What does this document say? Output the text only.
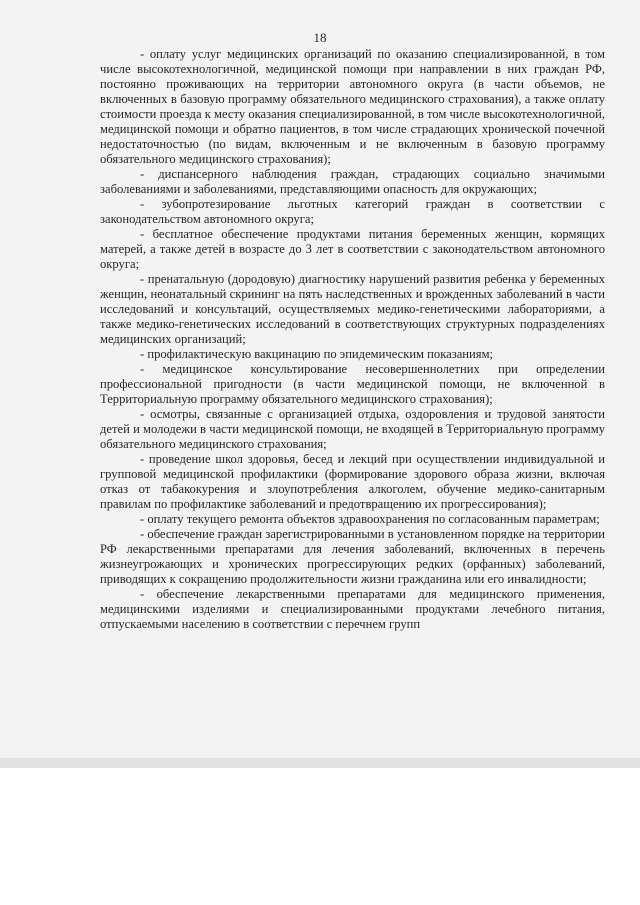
18

- оплату услуг медицинских организаций по оказанию специализированной, в том числе высокотехнологичной, медицинской помощи при направлении в них граждан РФ, постоянно проживающих на территории автономного округа (в части объемов, не включенных в базовую программу обязательного медицинского страхования), а также оплату стоимости проезда к месту оказания специализированной, в том числе высокотехнологичной, медицинской помощи и обратно пациентов, в том числе страдающих хронической почечной недостаточностью (по видам, включенным и не включенным в базовую программу обязательного медицинского страхования);

- диспансерного наблюдения граждан, страдающих социально значимыми заболеваниями и заболеваниями, представляющими опасность для окружающих;

- зубопротезирование льготных категорий граждан в соответствии с законодательством автономного округа;

- бесплатное обеспечение продуктами питания беременных женщин, кормящих матерей, а также детей в возрасте до 3 лет в соответствии с законодательством автономного округа;

- пренатальную (дородовую) диагностику нарушений развития ребенка у беременных женщин, неонатальный скрининг на пять наследственных и врожденных заболеваний в части исследований и консультаций, осуществляемых медико-генетическими лабораториями, а также медико-генетических исследований в соответствующих структурных подразделениях медицинских организаций;

- профилактическую вакцинацию по эпидемическим показаниям;

- медицинское консультирование несовершеннолетних при определении профессиональной пригодности (в части медицинской помощи, не включенной в Территориальную программу обязательного медицинского страхования);

- осмотры, связанные с организацией отдыха, оздоровления и трудовой занятости детей и молодежи в части медицинской помощи, не входящей в Территориальную программу обязательного медицинского страхования;

- проведение школ здоровья, бесед и лекций при осуществлении индивидуальной и групповой медицинской профилактики (формирование здорового образа жизни, включая отказ от табакокурения и злоупотребления алкоголем, обучение медико-санитарным правилам по профилактике заболеваний и предотвращению их прогрессирования);

- оплату текущего ремонта объектов здравоохранения по согласованным параметрам;

- обеспечение граждан зарегистрированными в установленном порядке на территории РФ лекарственными препаратами для лечения заболеваний, включенных в перечень жизнеугрожающих и хронических прогрессирующих редких (орфанных) заболеваний, приводящих к сокращению продолжительности жизни гражданина или его инвалидности;

- обеспечение лекарственными препаратами для медицинского применения, медицинскими изделиями и специализированными продуктами лечебного питания, отпускаемыми населению в соответствии с перечнем групп
